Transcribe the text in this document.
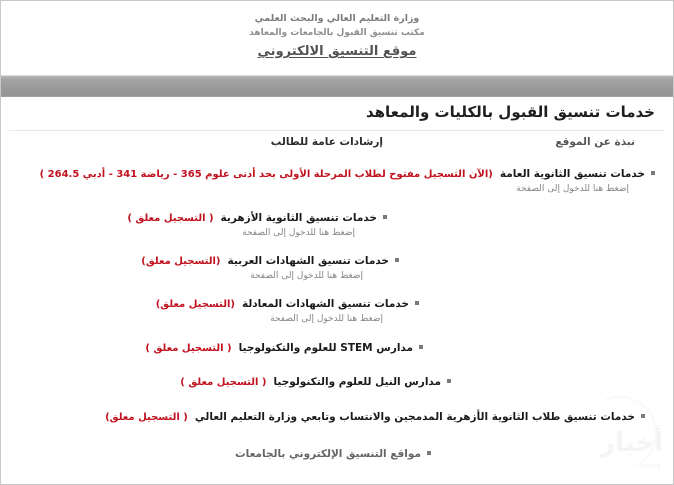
وزارة التعليم العالي والبحث العلمي
مكتب تنسيق القبول بالجامعات والمعاهد
موقع التنسيق الالكتروني
خدمات تنسيق القبول بالكليات والمعاهد
نبذة عن الموقع
إرشادات عامة للطالب
خدمات تنسيق الثانوية العامة
(الآن التسجيل مفتوح لطلاب المرحلة الأولى بحد أدنى علوم 365 - رياضة 341 - أدبي 264.5 )
إضغط هنا للدخول إلى الصفحة
خدمات تنسيق الثانوية الأزهرية
( التسجيل معلق )
إضغط هنا للدخول إلى الصفحة
خدمات تنسيق الشهادات العربية
(التسجيل معلق)
إضغط هنا للدخول إلى الصفحة
خدمات تنسيق الشهادات المعادلة
(التسجيل معلق)
إضغط هنا للدخول إلى الصفحة
مدارس STEM للعلوم والتكنولوجيا
( التسجيل معلق )
مدارس النيل للعلوم والتكنولوجيا
( التسجيل معلق )
خدمات تنسيق طلاب الثانوية الأزهرية المدمجين والانتساب وتابعي وزارة التعليم العالي
( التسجيل معلق)
مواقع التنسيق الإلكتروني بالجامعات	أخبار
news
